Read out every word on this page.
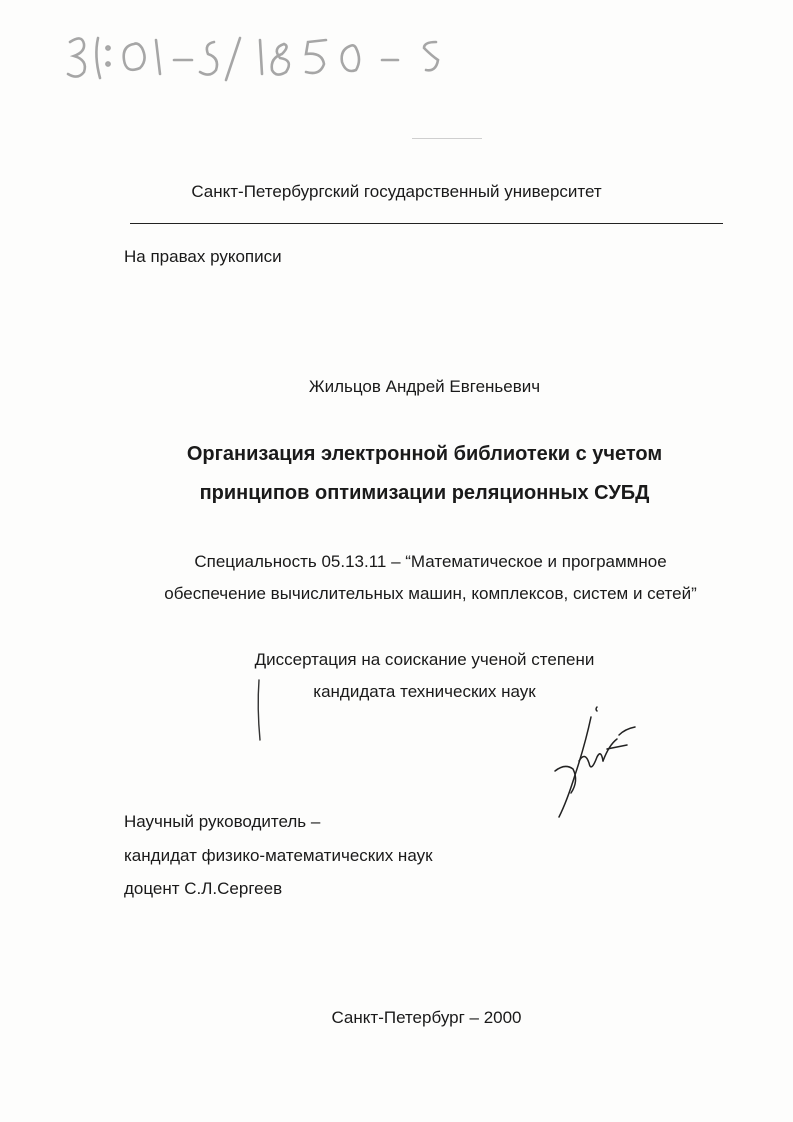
Санкт-Петербургский государственный университет
На правах рукописи
Жильцов Андрей Евгеньевич
Организация электронной библиотеки с учетом
принципов оптимизации реляционных СУБД
Специальность 05.13.11 – “Математическое и программное
обеспечение вычислительных машин, комплексов, систем и сетей”
Диссертация на соискание ученой степени
кандидата технических наук
Научный руководитель –
кандидат физико-математических наук
доцент С.Л.Сергеев
Санкт-Петербург – 2000
